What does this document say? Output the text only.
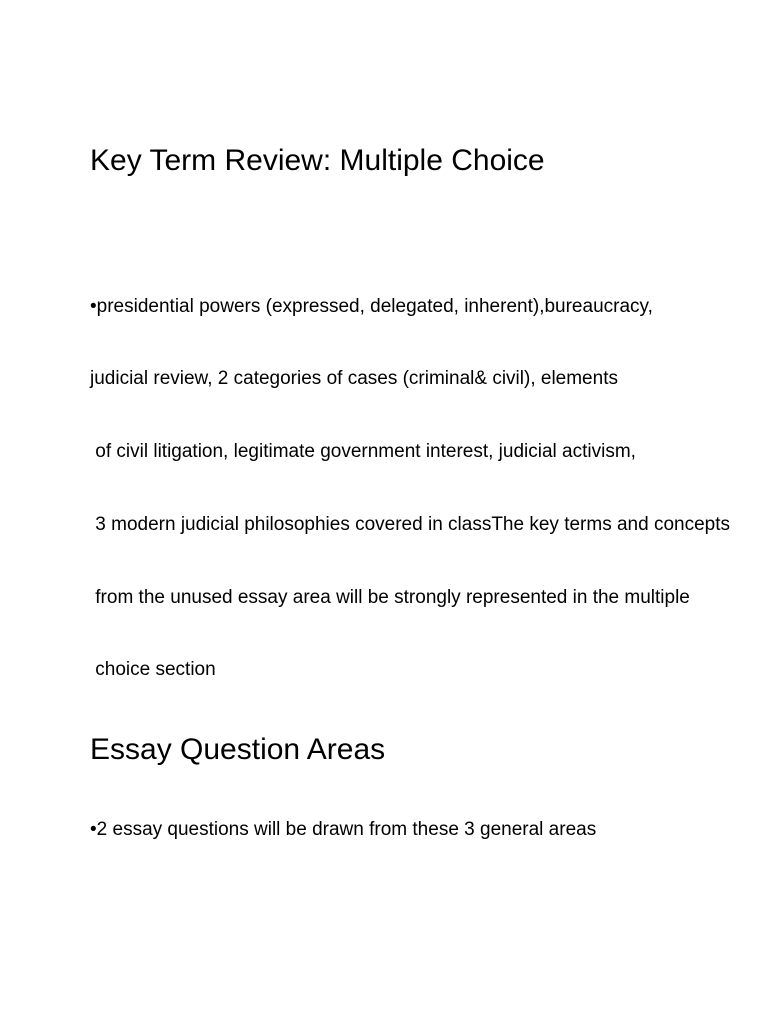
Key Term Review: Multiple Choice

•presidential powers (expressed, delegated, inherent),bureaucracy,

judicial review, 2 categories of cases (criminal& civil), elements

of civil litigation, legitimate government interest, judicial activism,

3 modern judicial philosophies covered in classThe key terms and concepts

from the unused essay area will be strongly represented in the multiple

choice section

Essay Question Areas

•2 essay questions will be drawn from these 3 general areas
